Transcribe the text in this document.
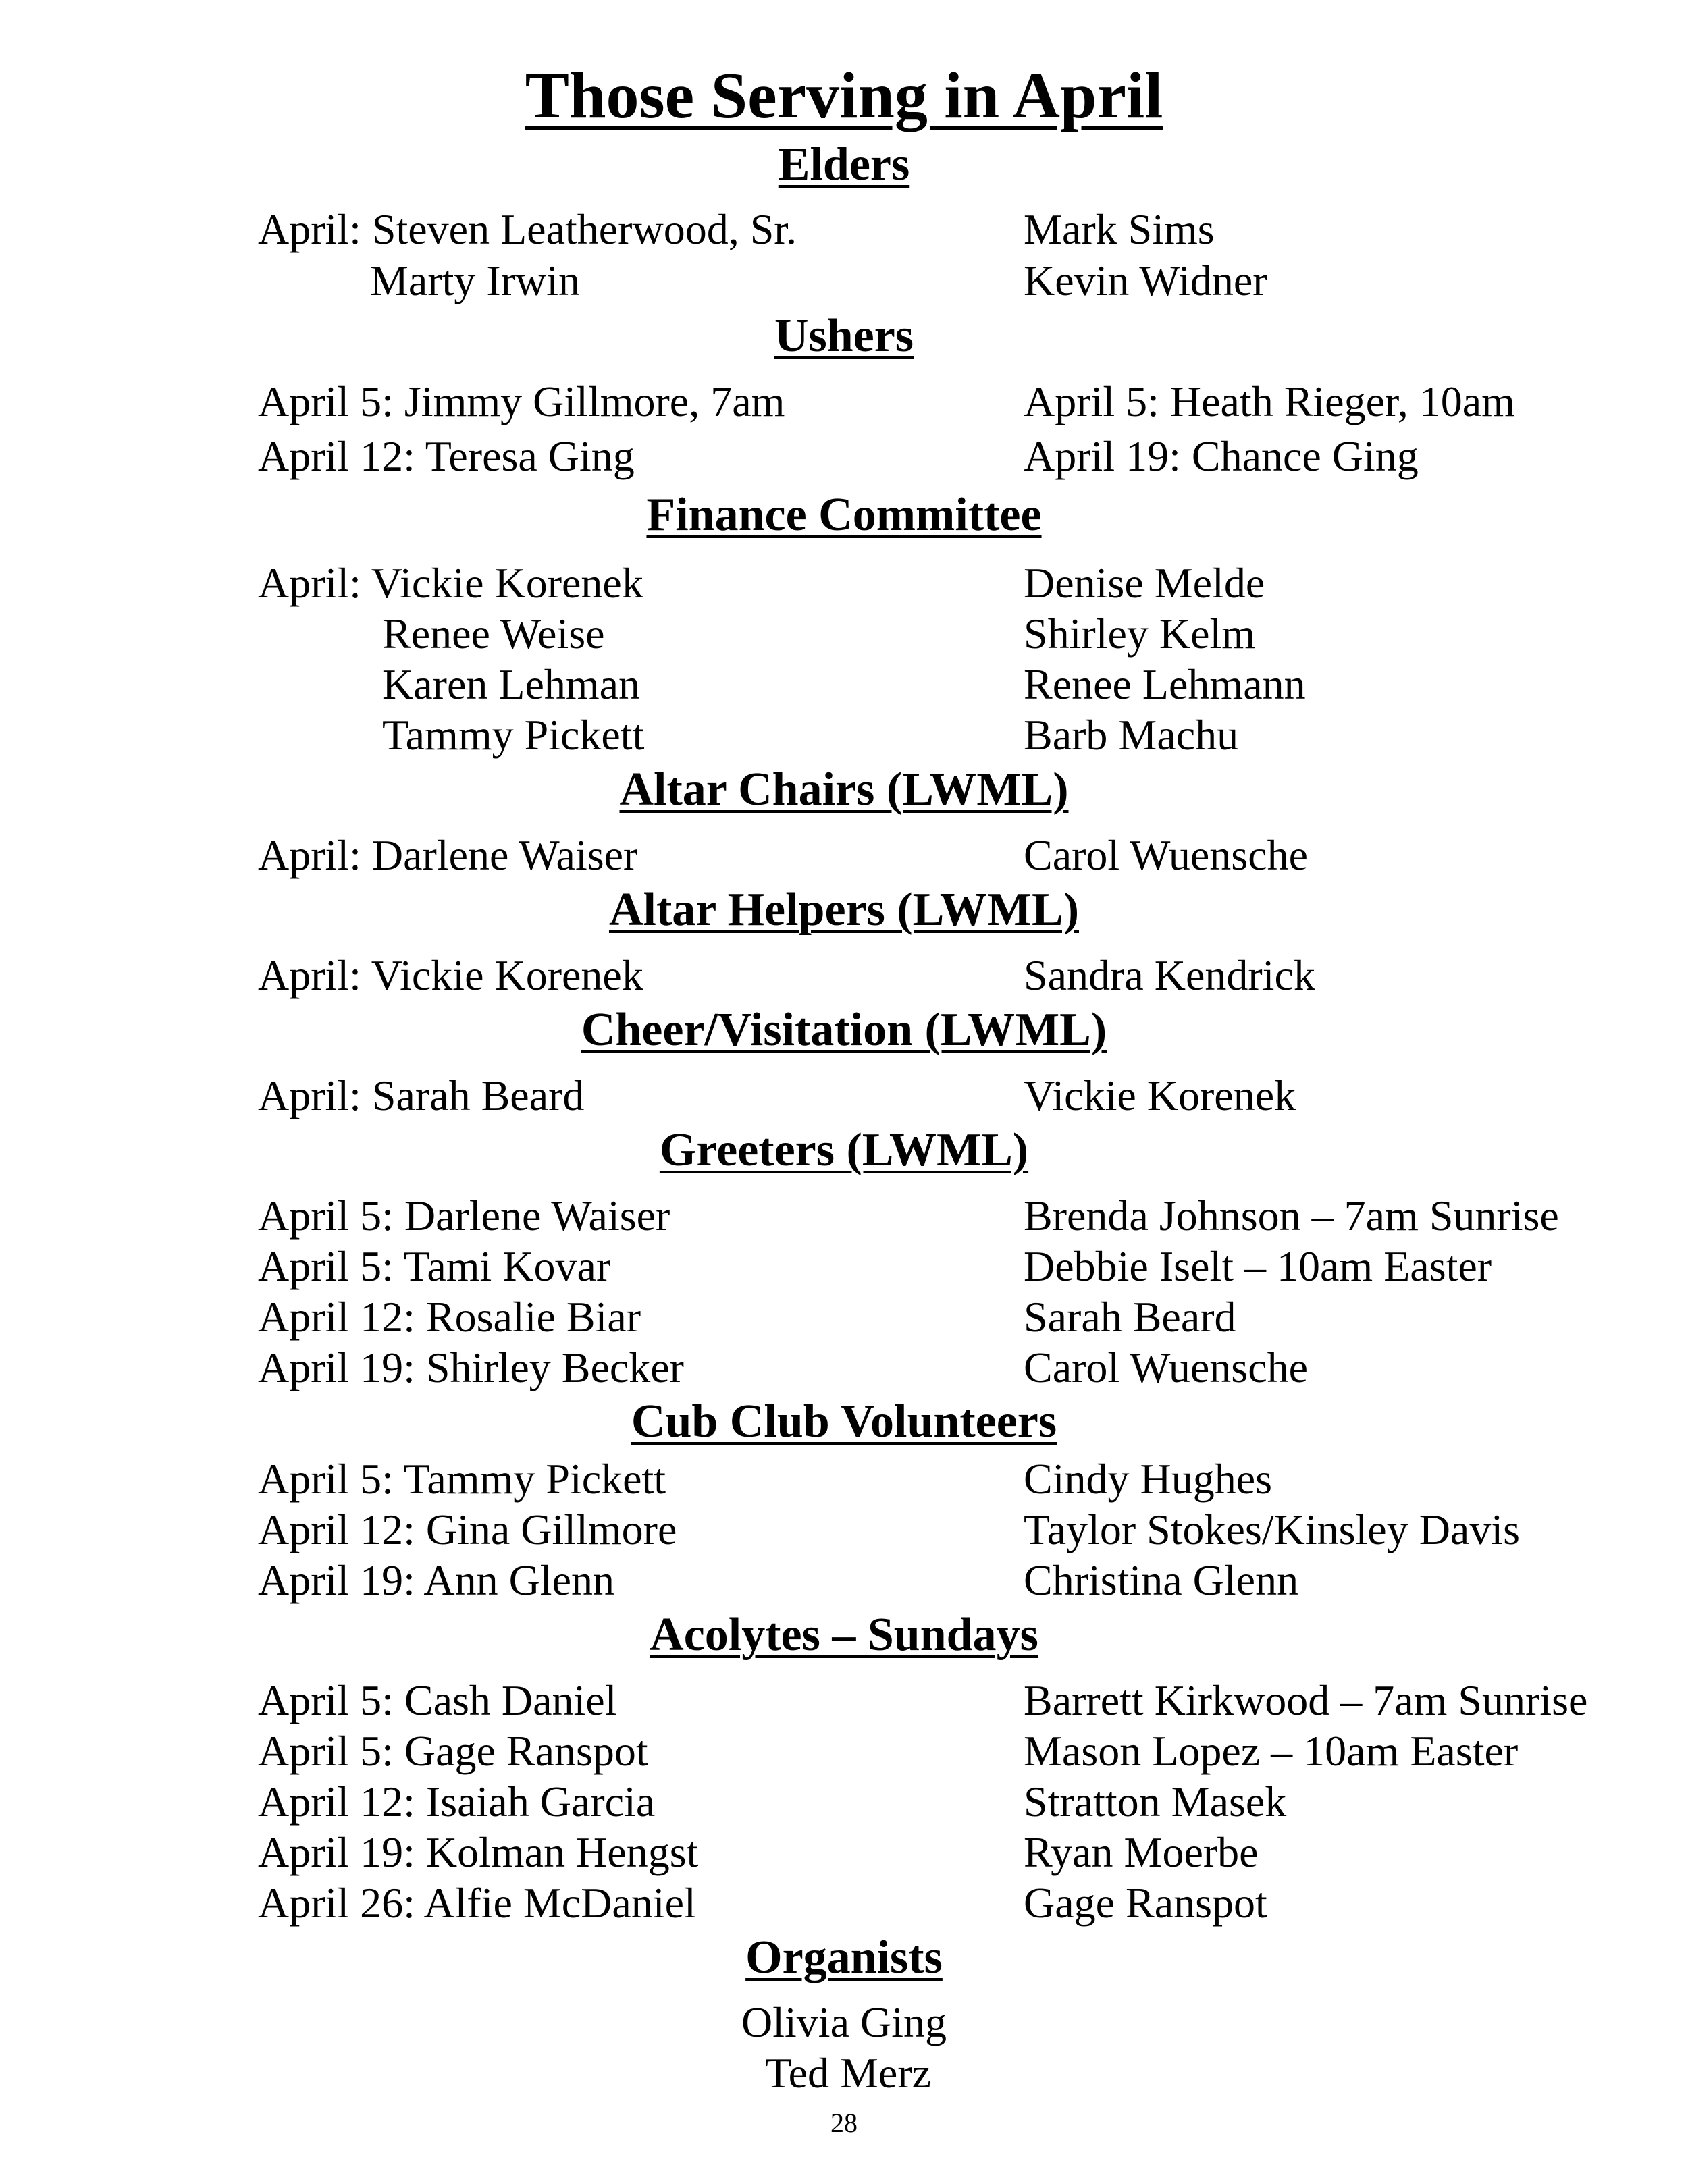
Those Serving in April
Elders
April: Steven Leatherwood, Sr.	Mark Sims
Marty Irwin	Kevin Widner
Ushers
April 5: Jimmy Gillmore, 7am	April 5: Heath Rieger, 10am
April 12: Teresa Ging	April 19: Chance Ging
Finance Committee
April: Vickie Korenek	Denise Melde
Renee Weise	Shirley Kelm
Karen Lehman	Renee Lehmann
Tammy Pickett	Barb Machu
Altar Chairs (LWML)
April: Darlene Waiser	Carol Wuensche
Altar Helpers (LWML)
April: Vickie Korenek	Sandra Kendrick
Cheer/Visitation (LWML)
April: Sarah Beard	Vickie Korenek
Greeters (LWML)
April 5: Darlene Waiser	Brenda Johnson – 7am Sunrise
April 5: Tami Kovar	Debbie Iselt – 10am Easter
April 12: Rosalie Biar	Sarah Beard
April 19: Shirley Becker	Carol Wuensche
Cub Club Volunteers
April 5: Tammy Pickett	Cindy Hughes
April 12: Gina Gillmore	Taylor Stokes/Kinsley Davis
April 19: Ann Glenn	Christina Glenn
Acolytes – Sundays
April 5: Cash Daniel	Barrett Kirkwood – 7am Sunrise
April 5: Gage Ranspot	Mason Lopez – 10am Easter
April 12: Isaiah Garcia	Stratton Masek
April 19: Kolman Hengst	Ryan Moerbe
April 26: Alfie McDaniel	Gage Ranspot
Organists
Olivia Ging
Ted Merz
28
